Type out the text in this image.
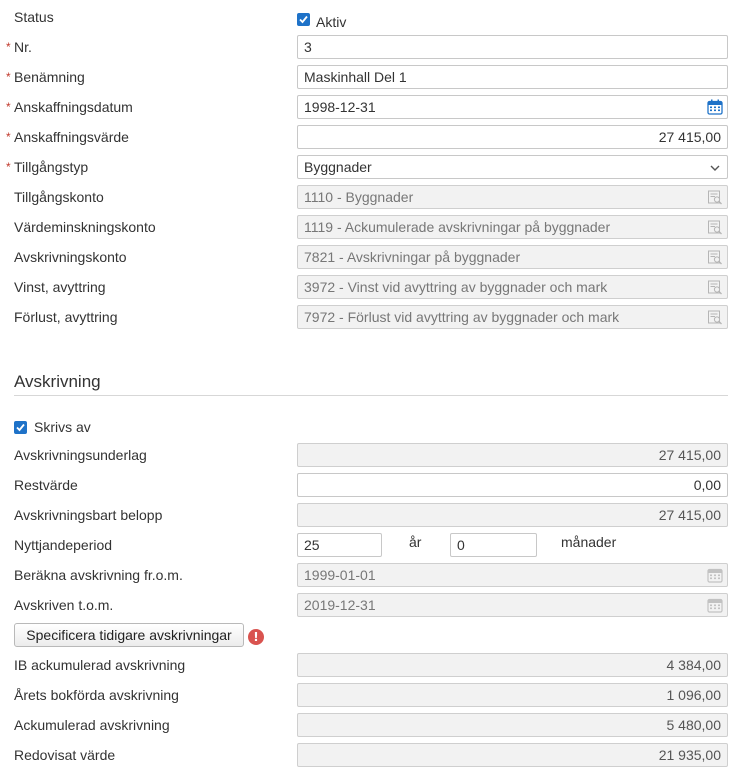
Status	Aktiv
* Nr.	3
* Benämning	Maskinhall Del 1
* Anskaffningsdatum	1998-12-31
* Anskaffningsvärde	27 415,00
* Tillgångstyp	Byggnader
Tillgångskonto	1110 - Byggnader
Värdeminskningskonto	1119 - Ackumulerade avskrivningar på byggnader
Avskrivningskonto	7821 - Avskrivningar på byggnader
Vinst, avyttring	3972 - Vinst vid avyttring av byggnader och mark
Förlust, avyttring	7972 - Förlust vid avyttring av byggnader och mark
Avskrivning
Skrivs av
Avskrivningsunderlag	27 415,00
Restvärde	0,00
Avskrivningsbart belopp	27 415,00
Nyttjandeperiod	25	år	0	månader
Beräkna avskrivning fr.o.m.	1999-01-01
Avskriven t.o.m.	2019-12-31
Specificera tidigare avskrivningar	!
IB ackumulerad avskrivning	4 384,00
Årets bokförda avskrivning	1 096,00
Ackumulerad avskrivning	5 480,00
Redovisat värde	21 935,00
